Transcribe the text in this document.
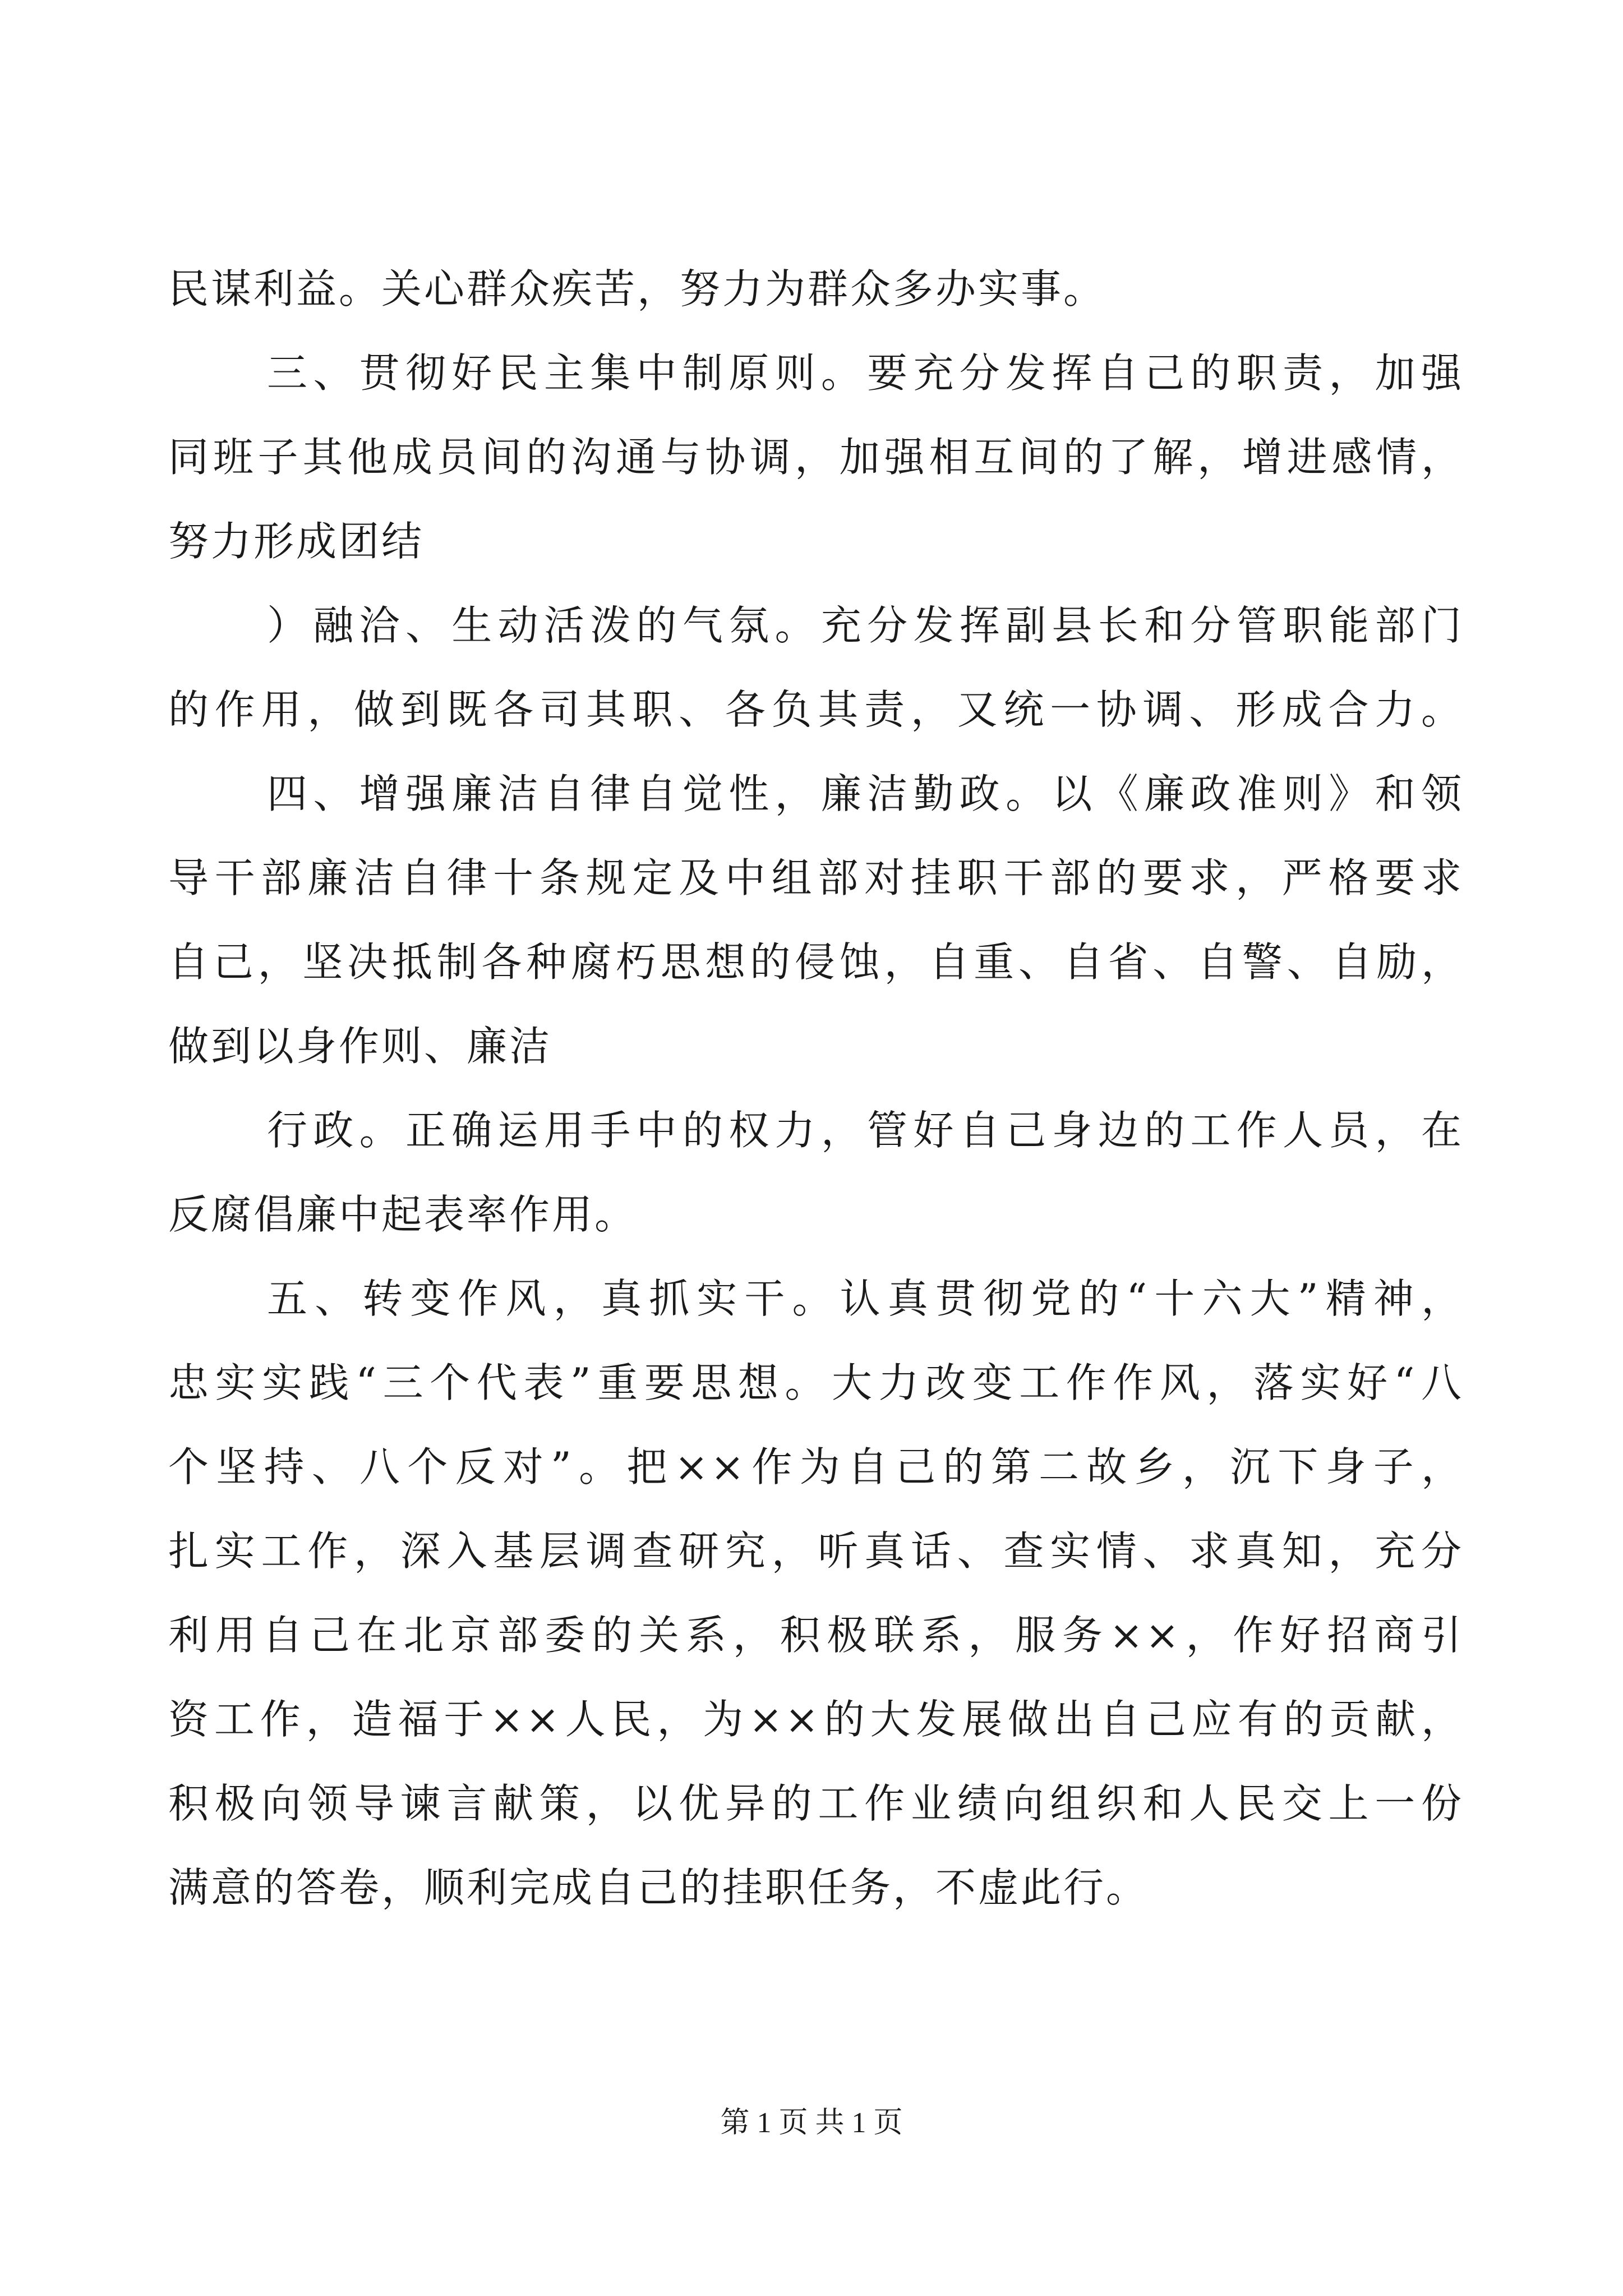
民谋利益。关心群众疾苦，努力为群众多办实事。
三、贯彻好民主集中制原则。要充分发挥自己的职责，加强
同班子其他成员间的沟通与协调，加强相互间的了解，增进感情，
努力形成团结
）融洽、生动活泼的气氛。充分发挥副县长和分管职能部门
的作用，做到既各司其职、各负其责，又统一协调、形成合力。
四、增强廉洁自律自觉性，廉洁勤政。以《廉政准则》和领
导干部廉洁自律十条规定及中组部对挂职干部的要求，严格要求
自己，坚决抵制各种腐朽思想的侵蚀，自重、自省、自警、自励，
做到以身作则、廉洁
行政。正确运用手中的权力，管好自己身边的工作人员，在
反腐倡廉中起表率作用。
五、转变作风，真抓实干。认真贯彻党的“十六大”精神，
忠实实践“三个代表”重要思想。大力改变工作作风，落实好“八
个坚持、八个反对”。把××作为自己的第二故乡，沉下身子，
扎实工作，深入基层调查研究，听真话、查实情、求真知，充分
利用自己在北京部委的关系，积极联系，服务××，作好招商引
资工作，造福于××人民，为××的大发展做出自己应有的贡献，
积极向领导谏言献策，以优异的工作业绩向组织和人民交上一份
满意的答卷，顺利完成自己的挂职任务，不虚此行。
第 1 页 共 1 页
